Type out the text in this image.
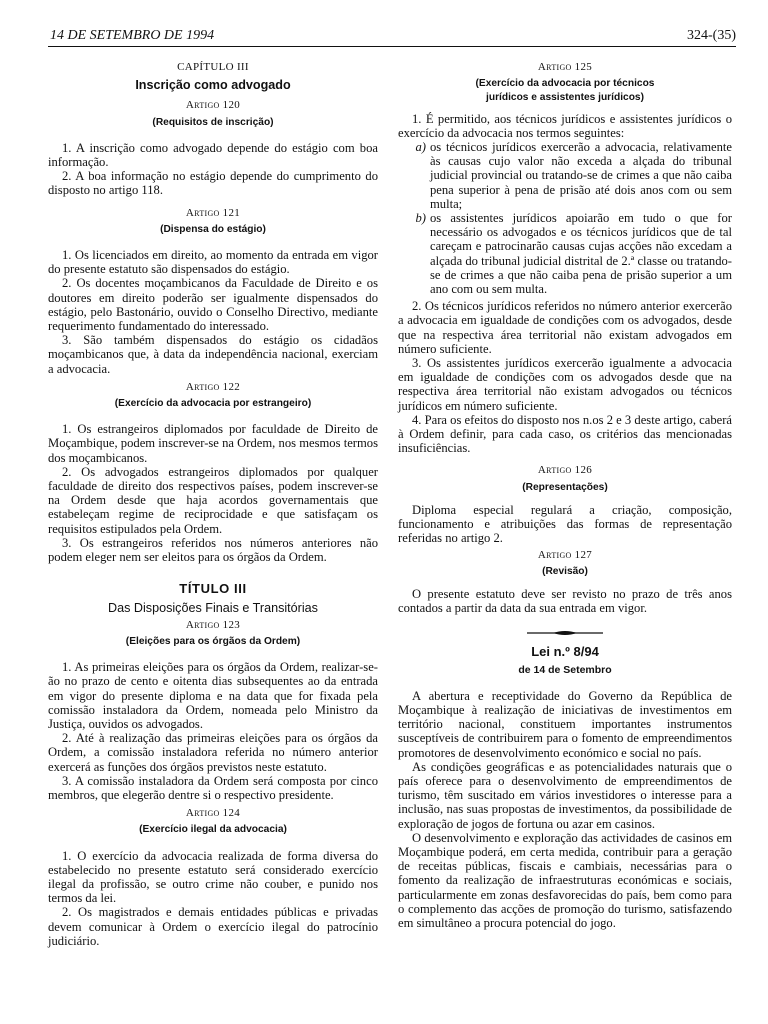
14 DE SETEMBRO DE 1994	324-(35)
CAPÍTULO III
Inscrição como advogado
Artigo 120
(Requisitos de inscrição)

1. A inscrição como advogado depende do estágio com boa informação.

2. A boa informação no estágio depende do cumprimento do disposto no artigo 118.

Artigo 121
(Dispensa do estágio)

1. Os licenciados em direito, ao momento da entrada em vigor do presente estatuto são dispensados do estágio.

2. Os docentes moçambicanos da Faculdade de Direito e os doutores em direito poderão ser igualmente dispensados do estágio, pelo Bastonário, ouvido o Conselho Directivo, mediante requerimento fundamentado do interessado.

3. São também dispensados do estágio os cidadãos moçambicanos que, à data da independência nacional, exerciam a advocacia.

Artigo 122
(Exercício da advocacia por estrangeiro)

1. Os estrangeiros diplomados por faculdade de Direito de Moçambique, podem inscrever-se na Ordem, nos mesmos termos dos moçambicanos.

2. Os advogados estrangeiros diplomados por qualquer faculdade de direito dos respectivos países, podem inscrever-se na Ordem desde que haja acordos governamentais que estabeleçam regime de reciprocidade e que satisfaçam os requisitos estipulados pela Ordem.

3. Os estrangeiros referidos nos números anteriores não podem eleger nem ser eleitos para os órgãos da Ordem.

TÍTULO III
Das Disposições Finais e Transitórias
Artigo 123
(Eleições para os órgãos da Ordem)

1. As primeiras eleições para os órgãos da Ordem, realizar-se-ão no prazo de cento e oitenta dias subsequentes ao da entrada em vigor do presente diploma e na data que for fixada pela comissão instaladora da Ordem, nomeada pelo Ministro da Justiça, ouvidos os advogados.

2. Até à realização das primeiras eleições para os órgãos da Ordem, a comissão instaladora referida no número anterior exercerá as funções dos órgãos previstos neste estatuto.

3. A comissão instaladora da Ordem será composta por cinco membros, que elegerão dentre si o respectivo presidente.

Artigo 124
(Exercício ilegal da advocacia)

1. O exercício da advocacia realizada de forma diversa do estabelecido no presente estatuto será considerado exercício ilegal da profissão, se outro crime não couber, e punido nos termos da lei.

2. Os magistrados e demais entidades públicas e privadas devem comunicar à Ordem o exercício ilegal do patrocínio judiciário.

Artigo 125
(Exercício da advocacia por técnicos jurídicos e assistentes jurídicos)

1. É permitido, aos técnicos jurídicos e assistentes jurídicos o exercício da advocacia nos termos seguintes:

a) os técnicos jurídicos exercerão a advocacia, relativamente às causas cujo valor não exceda a alçada do tribunal judicial provincial ou tratando-se de crimes a que não caiba pena superior à pena de prisão até dois anos com ou sem multa;
b) os assistentes jurídicos apoiarão em tudo o que for necessário os advogados e os técnicos jurídicos que de tal careçam e patrocinarão causas cujas acções não excedam a alçada do tribunal judicial distrital de 2.ª classe ou tratando-se de crimes a que não caiba pena de prisão superior a um ano com ou sem multa.

2. Os técnicos jurídicos referidos no número anterior exercerão a advocacia em igualdade de condições com os advogados, desde que na respectiva área territorial não existam advogados em número suficiente.

3. Os assistentes jurídicos exercerão igualmente a advocacia em igualdade de condições com os advogados desde que na respectiva área territorial não existam advogados ou técnicos jurídicos em número suficiente.

4. Para os efeitos do disposto nos n.os 2 e 3 deste artigo, caberá à Ordem definir, para cada caso, os critérios das mencionadas insuficiências.

Artigo 126
(Representações)

Diploma especial regulará a criação, composição, funcionamento e atribuições das formas de representação referidas no artigo 2.

Artigo 127
(Revisão)

O presente estatuto deve ser revisto no prazo de três anos contados a partir da data da sua entrada em vigor.

Lei n.º 8/94
de 14 de Setembro

A abertura e receptividade do Governo da República de Moçambique à realização de iniciativas de investimentos em território nacional, constituem importantes instrumentos susceptíveis de contribuirem para o fomento de empreendimentos promotores de desenvolvimento económico e social no país.

As condições geográficas e as potencialidades naturais que o país oferece para o desenvolvimento de empreendimentos de turismo, têm suscitado em vários investidores o interesse para a inclusão, nas suas propostas de investimentos, da possibilidade de exploração de jogos de fortuna ou azar em casinos.

O desenvolvimento e exploração das actividades de casinos em Moçambique poderá, em certa medida, contribuir para a geração de receitas públicas, fiscais e cambiais, necessárias para o fomento da realização de infraestruturas económicas e sociais, particularmente em zonas desfavorecidas do país, bem como para o complemento das acções de promoção do turismo, satisfazendo em simultâneo a procura potencial do jogo.
